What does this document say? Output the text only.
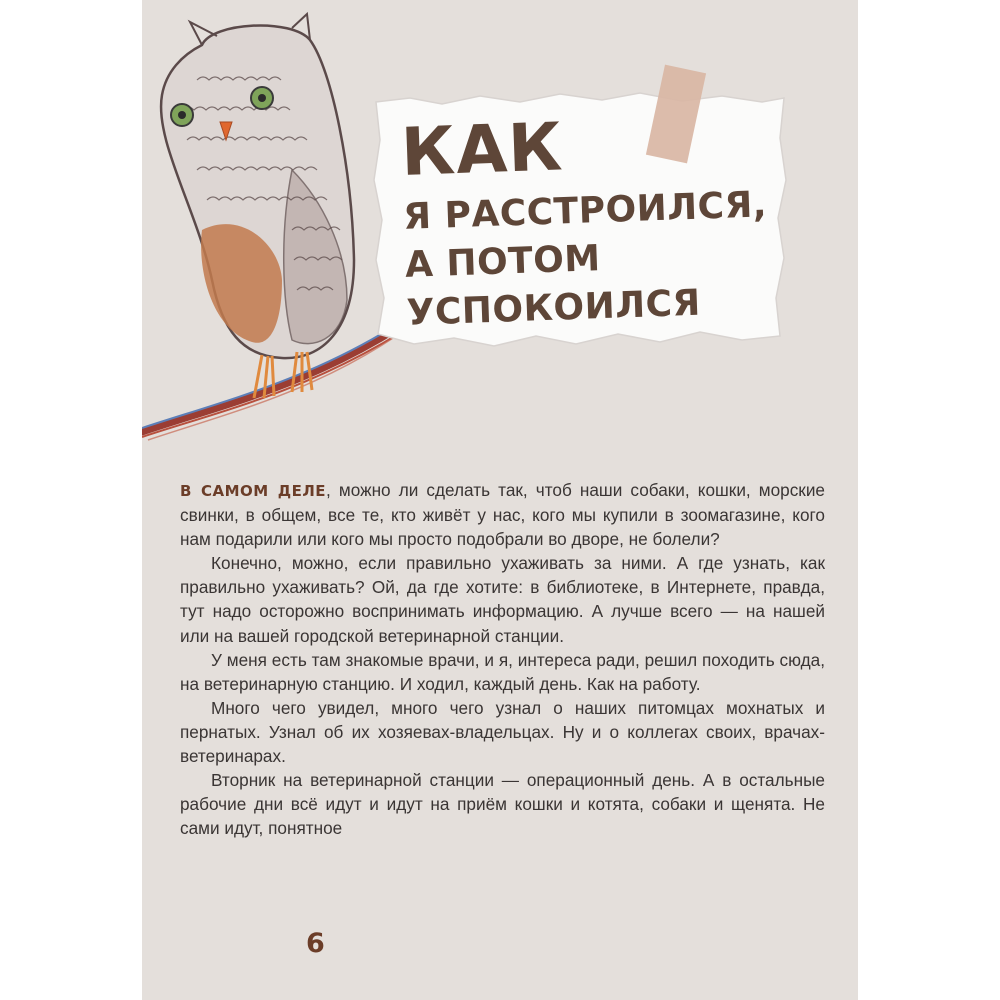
КАК
Я РАССТРОИЛСЯ,
А ПОТОМ
УСПОКОИЛСЯ

В САМОМ ДЕЛЕ, можно ли сделать так, чтоб наши собаки, кошки, морские свинки, в общем, все те, кто живёт у нас, кого мы купили в зоомагазине, кого нам подарили или кого мы просто подобрали во дворе, не болели?

Конечно, можно, если правильно ухаживать за ними. А где узнать, как правильно ухаживать? Ой, да где хотите: в библиотеке, в Интернете, правда, тут надо осторожно воспринимать информацию. А лучше всего — на нашей или на вашей городской ветеринарной станции.

У меня есть там знакомые врачи, и я, интереса ради, решил походить сюда, на ветеринарную станцию. И ходил, каждый день. Как на работу.

Много чего увидел, много чего узнал о наших питомцах мохнатых и пернатых. Узнал об их хозяевах-владельцах. Ну и о коллегах своих, врачах-ветеринарах.

Вторник на ветеринарной станции — операционный день. А в остальные рабочие дни всё идут и идут на приём кошки и котята, собаки и щенята. Не сами идут, понятное

6
